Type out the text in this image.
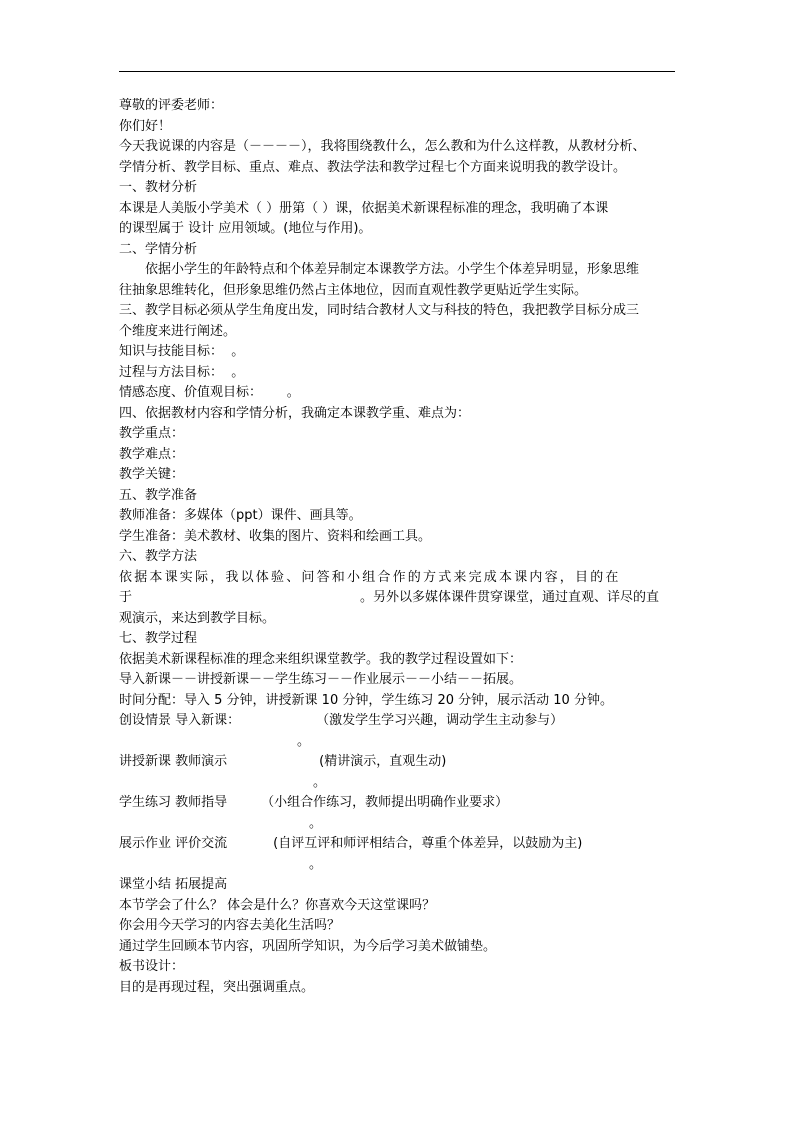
尊敬的评委老师：
你们好！
今天我说课的内容是（－－－－），我将围绕教什么，怎么教和为什么这样教，从教材分析、
学情分析、教学目标、重点、难点、教法学法和教学过程七个方面来说明我的教学设计。
一、教材分析
本课是人美版小学美术（ ）册第（ ）课，依据美术新课程标准的理念，我明确了本课
的课型属于 设计 应用领域。(地位与作用)。
二、学情分析
依据小学生的年龄特点和个体差异制定本课教学方法。小学生个体差异明显，形象思维
往抽象思维转化，但形象思维仍然占主体地位，因而直观性教学更贴近学生实际。
三、教学目标必须从学生角度出发，同时结合教材人文与科技的特色，我把教学目标分成三
个维度来进行阐述。
知识与技能目标：  。
过程与方法目标：  。
情感态度、价值观目标：      。
四、依据教材内容和学情分析，我确定本课教学重、难点为：
教学重点：
教学难点：
教学关键：
五、教学准备
教师准备：多媒体（ppt）课件、画具等。
学生准备：美术教材、收集的图片、资料和绘画工具。
六、教学方法
依据本课实际，我以体验、问答和小组合作的方式来完成本课内容，目的在
于	。另外以多媒体课件贯穿课堂，通过直观、详尽的直
观演示，来达到教学目标。
七、教学过程
依据美术新课程标准的理念来组织课堂教学。我的教学过程设置如下：
导入新课－－讲授新课－－学生练习－－作业展示－－小结－－拓展。
时间分配：导入 5 分钟，讲授新课 10 分钟，学生练习 20 分钟，展示活动 10 分钟。
创设情景 导入新课：	（激发学生学习兴趣，调动学生主动参与）
。
讲授新课 教师演示	(精讲演示，直观生动)
。
学生练习 教师指导	（小组合作练习，教师提出明确作业要求）
。
展示作业 评价交流	(自评互评和师评相结合，尊重个体差异，以鼓励为主)
。
课堂小结 拓展提高
本节学会了什么？ 体会是什么？你喜欢今天这堂课吗？
你会用今天学习的内容去美化生活吗？
通过学生回顾本节内容，巩固所学知识，为今后学习美术做铺垫。
板书设计：
目的是再现过程，突出强调重点。
